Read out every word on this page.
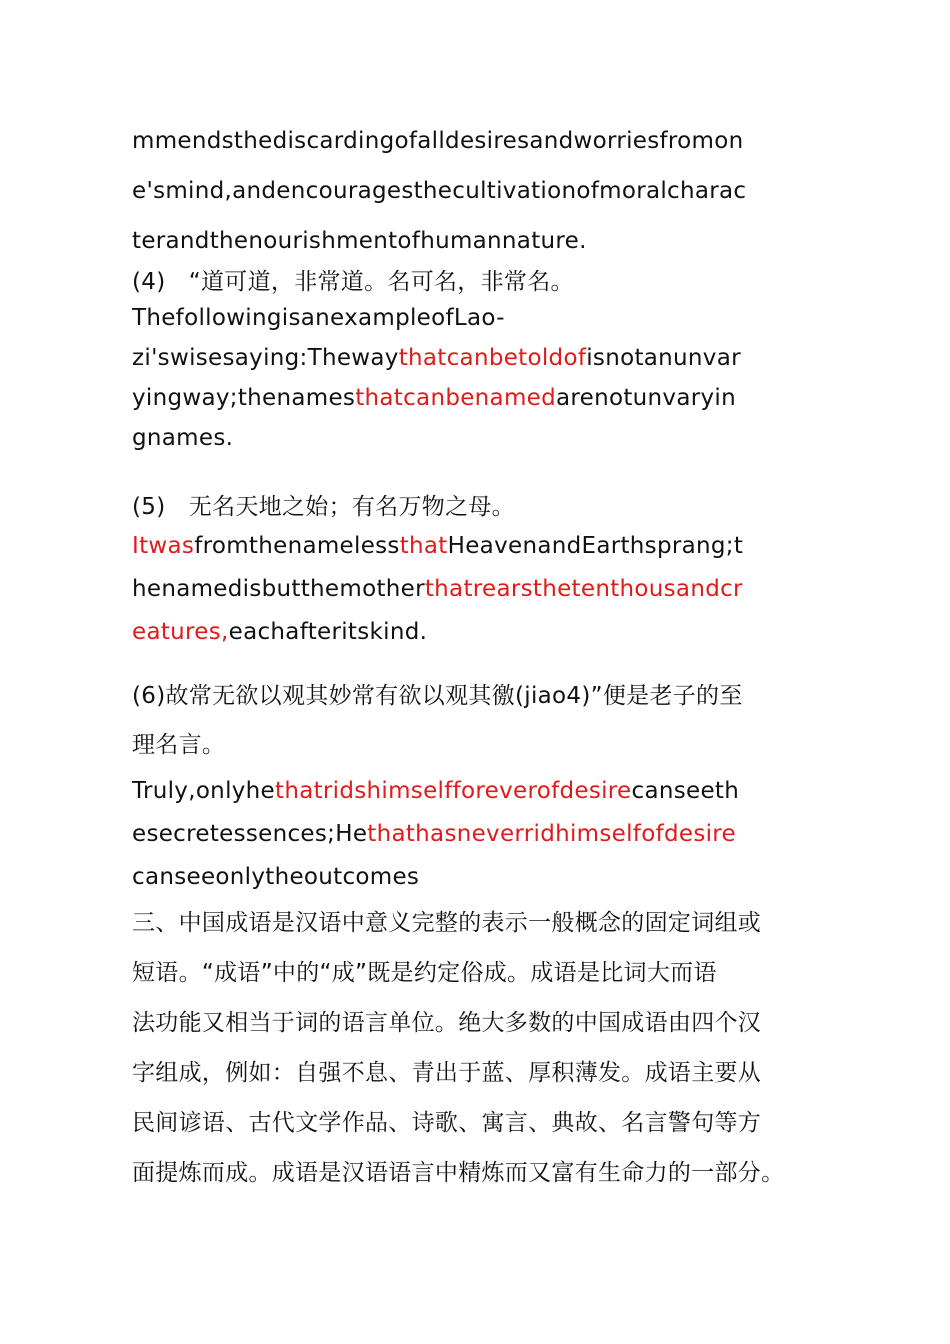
mmendsthediscardingofalldesiresandworriesfromon
e'smind,andencouragesthecultivationofmoralcharac
terandthenourishmentofhumannature.
(4)　“道可道，非常道。名可名，非常名。
ThefollowingisanexampleofLao-
zi'swisesaying:Thewaythatcanbetoldofisnotanunvar
yingway;thenamesthatcanbenamedarenotunvaryin
gnames.
(5)　无名天地之始；有名万物之母。
ItwasfromthenamelessthatHeavenandEarthsprang;t
henamedisbutthemotherthatrearsthetenthousandcr
eatures,eachafteritskind.
(6)故常无欲以观其妙常有欲以观其徼(jiao4)”便是老子的至
理名言。
Truly,onlyhethatridshimselfforeverofdesirecanseeth
esecretessences;Hethathasneverridhimselfofdesire
canseeonlytheoutcomes
三、中国成语是汉语中意义完整的表示一般概念的固定词组或
短语。“成语”中的“成”既是约定俗成。成语是比词大而语
法功能又相当于词的语言单位。绝大多数的中国成语由四个汉
字组成，例如：自强不息、青出于蓝、厚积薄发。成语主要从
民间谚语、古代文学作品、诗歌、寓言、典故、名言警句等方
面提炼而成。成语是汉语语言中精炼而又富有生命力的一部分。
